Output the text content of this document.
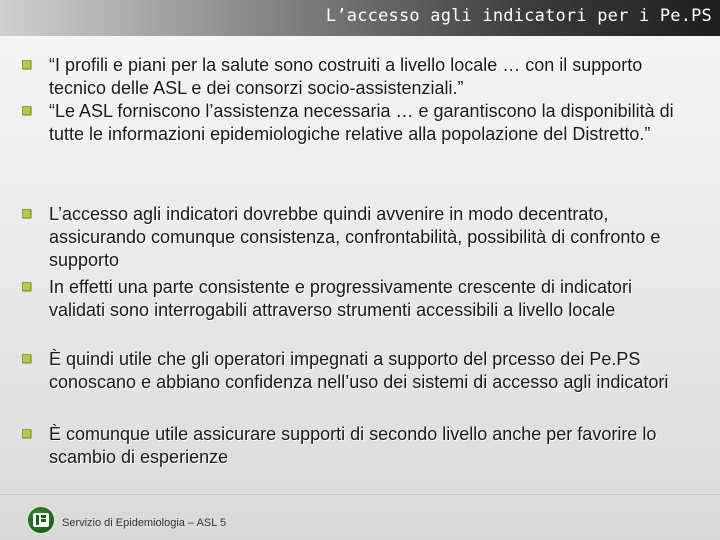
L’accesso agli indicatori per i Pe.PS
“I profili e piani per la salute sono costruiti a livello locale … con il supporto tecnico delle ASL e dei consorzi socio-assistenziali.”
“Le ASL forniscono l’assistenza necessaria … e garantiscono la disponibilità di tutte le informazioni epidemiologiche relative alla popolazione del Distretto.”
L’accesso agli indicatori dovrebbe quindi avvenire in modo decentrato, assicurando comunque consistenza, confrontabilità, possibilità di confronto e supporto
In effetti una parte consistente e progressivamente crescente di indicatori validati sono interrogabili attraverso strumenti accessibili a livello locale
È quindi utile che gli operatori impegnati a supporto del prcesso dei Pe.PS conoscano e abbiano confidenza nell’uso dei sistemi di accesso agli indicatori
È comunque utile assicurare supporti di secondo livello anche per favorire lo scambio di esperienze
Servizio di Epidemiologia – ASL 5
